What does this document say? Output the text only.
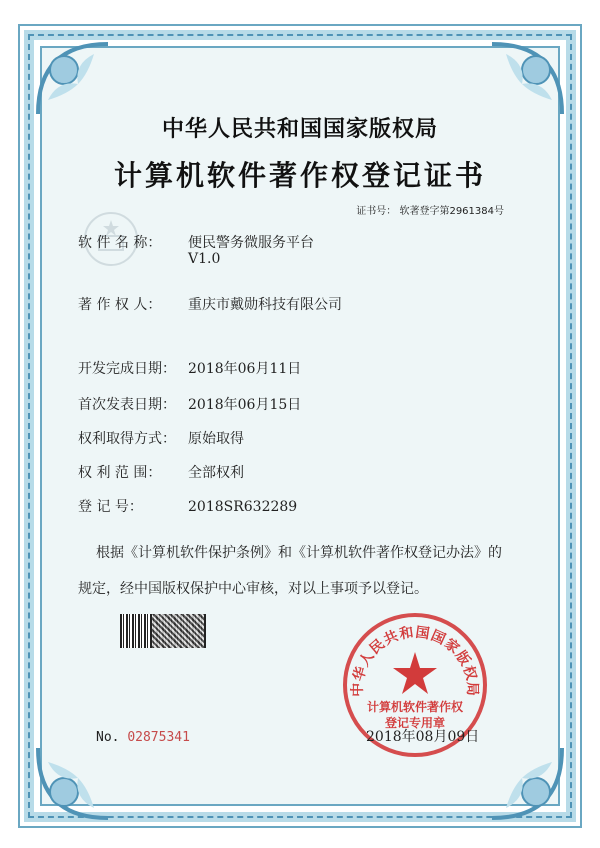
中华人民共和国国家版权局
计算机软件著作权登记证书
证书号： 软著登字第2961384号
软 件 名 称： 便民警务微服务平台
V1.0
著 作 权 人： 重庆市戴勋科技有限公司
开发完成日期： 2018年06月11日
首次发表日期： 2018年06月15日
权利取得方式： 原始取得
权 利 范 围： 全部权利
登 记 号：	2018SR632289
根据《计算机软件保护条例》和《计算机软件著作权登记办法》的
规定，经中国版权保护中心审核，对以上事项予以登记。
No. 02875341
中华人民共和国国家版权局
计算机软件著作权
登记专用章
2018年08月09日
